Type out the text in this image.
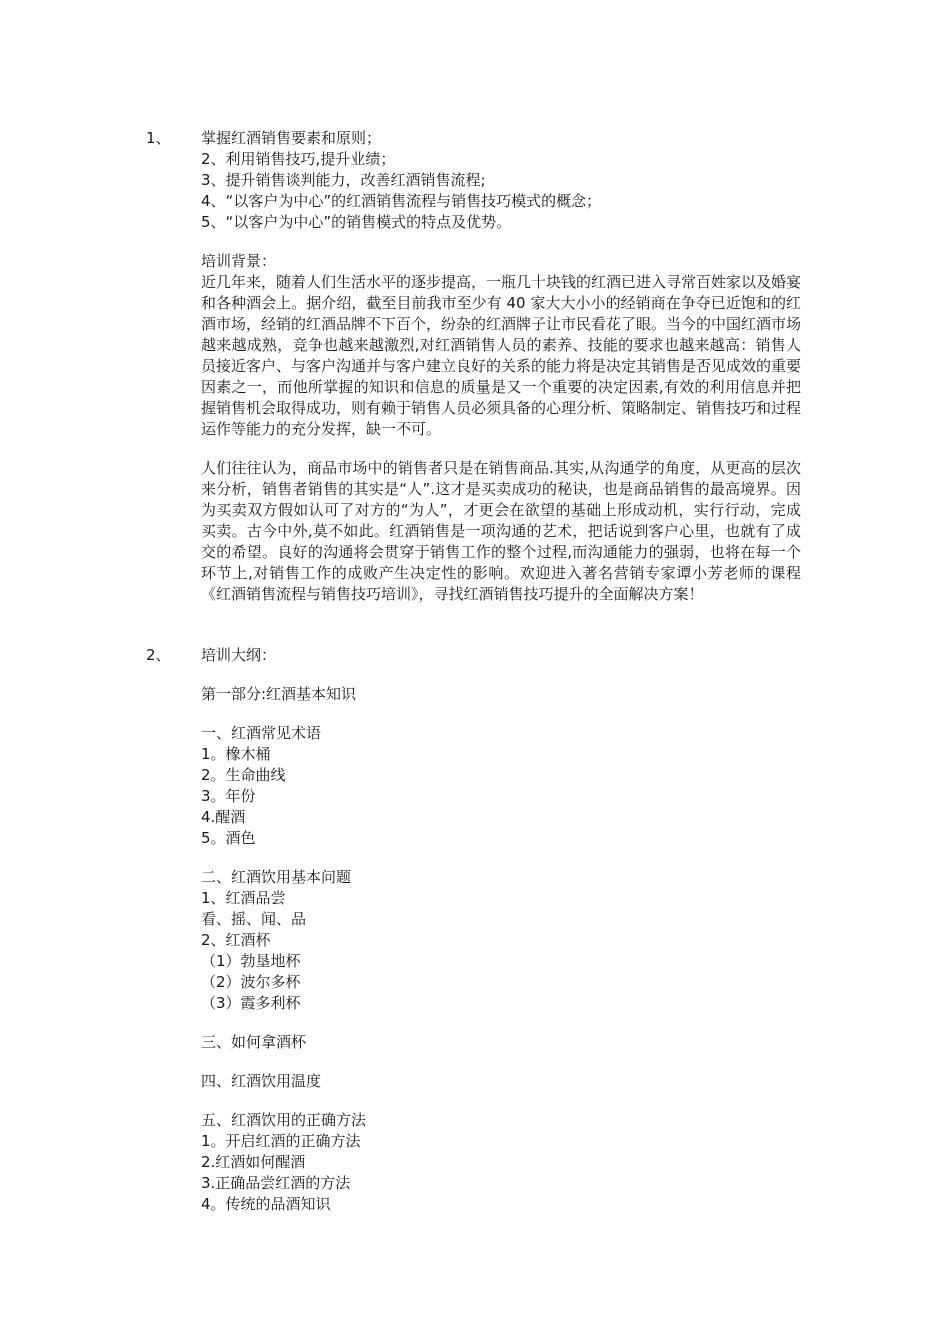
1、 掌握红酒销售要素和原则；
2、利用销售技巧,提升业绩；
3、提升销售谈判能力，改善红酒销售流程;
4、“以客户为中心”的红酒销售流程与销售技巧模式的概念；
5、“以客户为中心”的销售模式的特点及优势。
培训背景：
近几年来，随着人们生活水平的逐步提高，一瓶几十块钱的红酒已进入寻常百姓家以及婚宴和各种酒会上。据介绍，截至目前我市至少有 40 家大大小小的经销商在争夺已近饱和的红酒市场，经销的红酒品牌不下百个，纷杂的红酒牌子让市民看花了眼。当今的中国红酒市场越来越成熟，竞争也越来越激烈,对红酒销售人员的素养、技能的要求也越来越高：销售人员接近客户、与客户沟通并与客户建立良好的关系的能力将是决定其销售是否见成效的重要因素之一，而他所掌握的知识和信息的质量是又一个重要的决定因素,有效的利用信息并把握销售机会取得成功，则有赖于销售人员必须具备的心理分析、策略制定、销售技巧和过程运作等能力的充分发挥，缺一不可。
人们往往认为，商品市场中的销售者只是在销售商品.其实,从沟通学的角度，从更高的层次来分析，销售者销售的其实是“人”.这才是买卖成功的秘诀，也是商品销售的最高境界。因为买卖双方假如认可了对方的“为人”，才更会在欲望的基础上形成动机，实行行动，完成买卖。古今中外,莫不如此。红酒销售是一项沟通的艺术，把话说到客户心里，也就有了成交的希望。良好的沟通将会贯穿于销售工作的整个过程,而沟通能力的强弱，也将在每一个环节上,对销售工作的成败产生决定性的影响。欢迎进入著名营销专家谭小芳老师的课程《红酒销售流程与销售技巧培训》，寻找红酒销售技巧提升的全面解决方案！
2、 培训大纲：
第一部分:红酒基本知识
一、红酒常见术语
1。橡木桶
2。生命曲线
3。年份
4.醒酒
5。酒色
二、红酒饮用基本问题
1、红酒品尝
看、摇、闻、品
2、红酒杯
（1）勃垦地杯
（2）波尔多杯
（3）霞多利杯
三、如何拿酒杯
四、红酒饮用温度
五、红酒饮用的正确方法
1。开启红酒的正确方法
2.红酒如何醒酒
3.正确品尝红酒的方法
4。传统的品酒知识
